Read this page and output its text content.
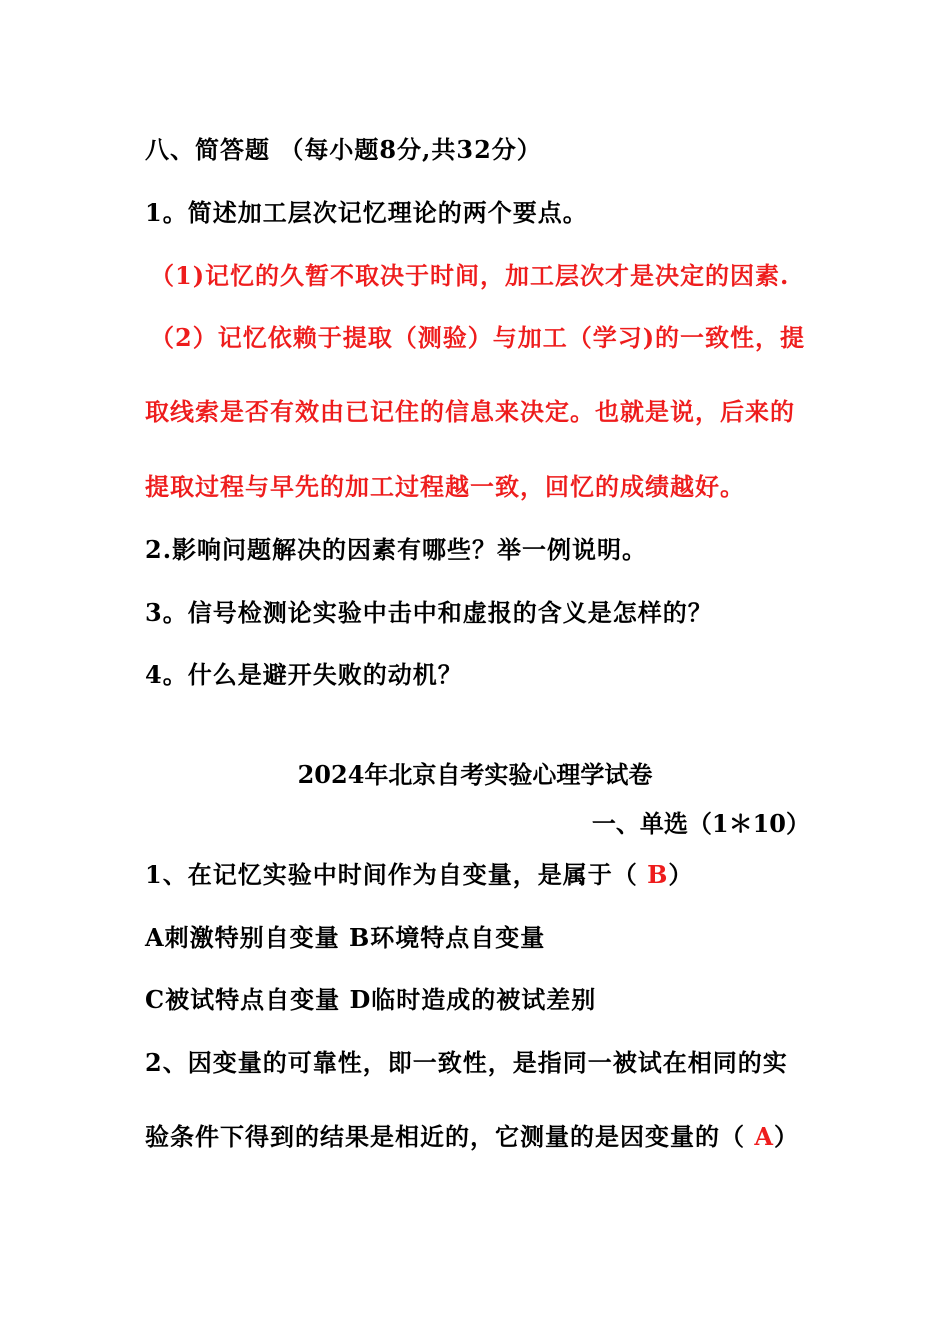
八、简答题 （每小题8分,共32分）
1。简述加工层次记忆理论的两个要点。
（1)记忆的久暂不取决于时间，加工层次才是决定的因素.
（2）记忆依赖于提取（测验）与加工（学习)的一致性，提
取线索是否有效由已记住的信息来决定。也就是说，后来的
提取过程与早先的加工过程越一致，回忆的成绩越好。
2.影响问题解决的因素有哪些？举一例说明。
3。信号检测论实验中击中和虚报的含义是怎样的？
4。什么是避开失败的动机？
2024年北京自考实验心理学试卷
一、单选（1＊10）
1、在记忆实验中时间作为自变量，是属于（ B）
A刺激特别自变量 B环境特点自变量
C被试特点自变量 D临时造成的被试差别
2、因变量的可靠性，即一致性，是指同一被试在相同的实
验条件下得到的结果是相近的，它测量的是因变量的（ A）
